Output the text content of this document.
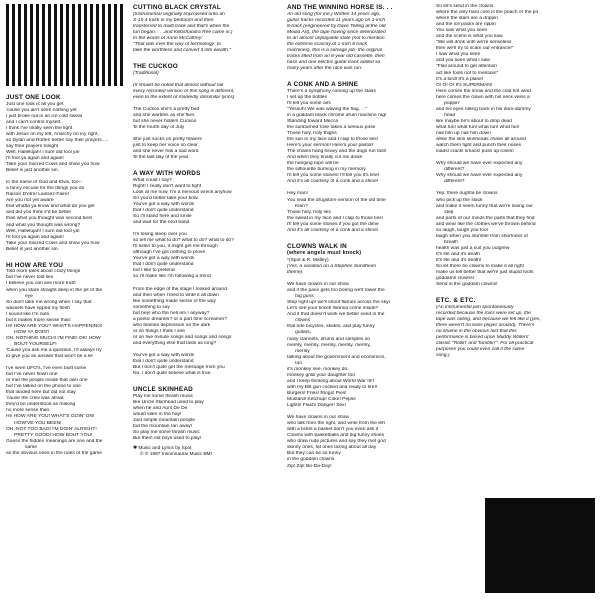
JUST ONE LOOK

Just one look is all you get
'cause you ain't seen nothing yet
I just broke out in an ice cold sweat
and I can't control myself.
I think I've finally seen the light
with Jesus on my left, Anarchy on my right,
so Dylan and Rotten better say their prayers.....
say their prayers tonight
Well, Hallelujah! I sure did fool ya!
I'll fool ya again and again!
Take your Sacred Cows and show you how
Belief is just another sin.

In the name of God and Elvis, too--
a fancy excuse for the things you do
Raison D'etre! Laissez-Faire!
Are you not yet aware
that whatta ya know and what do you get
and did you think it'd be better
than what you thought was second best
and what you thought was wrong?
Well, Hallelujah! I sure did fool ya!
I'll fool ya again and again!
Take your Sacred Cows and show you how
Belief is just another sin.

HI HOW ARE YOU

Told more tales about crazy things
but I've never told lies
I believe you can see more truth
when you stare straight deep in the pit of the
eye
So don't take me wrong when I say that
wassels have ripped my flesh
I sound like I'm nuts
but it makes more sense than:
HI! HOW ARE YOU? WHAT'S HAPPENING!
HOW YA DOIN'!
OH, NOTHING MUCH! I'M FINE! OK! HOW
BOUT YOURSELF!
'Cause you ask me a question, I'll always try
to give you an answer that won't be a lie

I've seen UFO's, I've even built some
but I've never flown one
or met the people inside that own one
but I've talked on the phone to one
that landed here but did not stay
'cause the crew was afraid
they'd be understood as making
no more sense than:
HI! HOW ARE YOU! WHAT'S GOIN' ON!
HOW'VE YOU BEEN!
OH, NOT TOO BAD! I'M DOIN' ALRIGHT!
PRETTY GOOD! HOW BOUT YOU!
Guess the hidden meanings are one and the
same
as the obvious ones in the rules of the game

CUTTING BLACK CRYSTAL

(Instrumental originally improvised onto an
X-15 4 track in my bedroom and then
transferred to multi track and that's when the
fun began. . . .and Killoshandra Ree came in.)
In the words of Anne McCaffrey:
"That was ever the way of technology: to
take the worthless and convert it into wealth."

THE CUCKOO

(Traditional)

(It should be noted that almost without fail
every recorded version of this song is different,
even to the extent of markedly dissimilar lyrics)
The Cuckoo she's a pretty bird
and she warbles as she flies
but she never hollers Cuckoo
'til the fourth day of July

She just sucks on pretty flowers
just to keep her voice so clear
and she never has a sad word
'til the last day of the year

A WAY WITH WORDS

What could I say?
Right! I really don't want to fight
Look at me now, I'm a nervous wreck anyhow
So you'd better take your bow.
You've got a way with words
that I don't quite understand
So I'll stand here and smile
and wait for the next band

I'm losing sleep over you
so tell me what to do? what to do? what to do?
I'll listen to you, it might get me through
although I've got nothing to prove
You've got a way with words
that I don't quite understand
but I like to pretend
so I'll make like I'm following a trend

From the edge of the stage I looked around
and then when I tried to write it all down
like something made sense of the way
something to say
but hey! who the hell am I anyway?
a poetic dreamer? or a part time screamer?
who blames depression on the dark
or on things I think I see
or on five minute songs and songs and songs
and everything else that lasts as long?

You've got a way with words
that I don't quite understand
But I don't quite get the message from you
No, I don't quite believe what is true.

UNCLE SKINHEAD

Play me some thrash music
like Uncle Skinhead used to play
when he and Aunt De De
would slam in the hay!
Just simple mountain people
but the mountain ran away!
So play me some thrash music
like them old boys used to play!
✱ Music and Lyrics by Spot
© ℗ 1987 Insomnaurai Music BMI

AND THE WINNING HORSE IS. . .

An old song (for me.) Written 14 years ago,
guitar tracks recorded 11 years ago on 1-inch
8-track (engineered by Dave Telling at the old
Media Art), the tape having since deteriorated
to an almost unplayable state (not to mention
the extreme scarcity of 1-inch 8 track
machines), this is a salvage job- the original
tracks lifted from an 8-year old cassette, then
bass and one electric guitar track added so
many years after the race was run.

A CONK AND A SHINE

There's a symphony coming up the stairs
I set up the bottles
I'll tell you some airs
"Yessuh! We was waving the flag. . ."
in a goddam black chrome drum machine rag!
Standing toward Mecca
the sunburned rose takes a serious pose
Those holy, holy thighs
the sun in my face and I clap to those lies!
Here's your sermon! Here's your pastor!
The chains hang heavy and the dogs run fast!
And when they finally cut me down
the hanging rope will be
the silhouette burning in my memory
I'll tell you some stories! I'll tell you it's fine!
And it's all courtesy of a conk and a shine!

Hey man!
You read the drugstore version of the old time
Klan?
Those holy, holy lies
the sweat in my face and I clap to those lies!
I'll tell you some stories if you got the dime
And it's all courtesy of a conk and a shine!

CLOWNS WALK IN

(where angels must knock)

*(Spot & R. Malley)
(Yes, a variation on a Stephen Sondheim
theme)
We have clowns in our show
and if the pace gets too boring we'll lower the
big guns
Step right up! we'll shoot flames across the sky!
Let's see your ticket! Wanna come inside?
And if that doesn't work we better send in the
clowns
that ride bicycles, skates, and play funny
guitars,
noisy clarinets, drums and samples so
merrily, merrily, merrily, merrily, merrily,
merrily
talking about the government and economics,
too
it's monkey see, monkey do,
monkey grab your daughter too
and I keep thinking about World War III!!
with my BB gun cocked and ready to fire!!
Burgers! Fries! Rings! Pies!
Mustard! Ketchup! Coke! Pepsi!
Lights! Flash! Danger! Sex!

We have clowns in our show
who talk from the right, and write from the left
with a ticket a basket don't you even ask it
Clowns with basketballs and big funny shoes
who draw rude pictures and say they met god
skinny ones, fat ones lazing about all day
But they can be so funny
in the goddam clowns
Zip! Zip! Be-Da-Day!
So let's send in the clowns
where the only hard core is the peach or the pit
where the stars are a drippin
and the ice packs are rippin
You saw what you seen
and the scene is what you saw
"We will drink until we're senseless
then we'll try to scam our entrance!"
I saw what you seen
and you seen what I saw
"Flail around to get attention
act like fools not to mention!"
It's a bird! It's a plane!
O! O! O! It's SUPERMAN!
Here comes the snow and the cold hot wind
here comes the clown with his neck veins a
poppin'
and his eyes rolling back in his dum-dummy
head
like maybe he's about to drop dead
what fun! what fun! what fun! what fun!
nail him up nail him down
while the skin skinheads chase all around
watch them fight and punch their noses
loads! crack! smack! push up roses!

Why should we have ever expected any
different?
Why should we have ever expected any
different?

Yep, there oughta be clowns
who pick up the slack
and make it seem funny that we're losing our
step
and parts of our minds the parts that they find
and wear like the clothes we've thrown behind
so laugh, laugh you fool
laugh when you stumble from shortness of
breath
health was just a suit you outgrew
It's life and it's death
It's life and it's death!
So let there be clowns to make it all right
make us tell better that we're just stupid fools
goddamn clowns!
Send in the goddam clowns!

ETC. & ETC.

(An instrumental jam spontaneously
recorded because the mics were set up, the
tape was rolling, and because we felt like it (yes,
there weren't no bass player around). There's
no shame in the obvious fact that this
performance is based upon Muddy Waters'
classic "Rollin' and Tumblin'". For all practical
purposes you could even call it the same
song.)
